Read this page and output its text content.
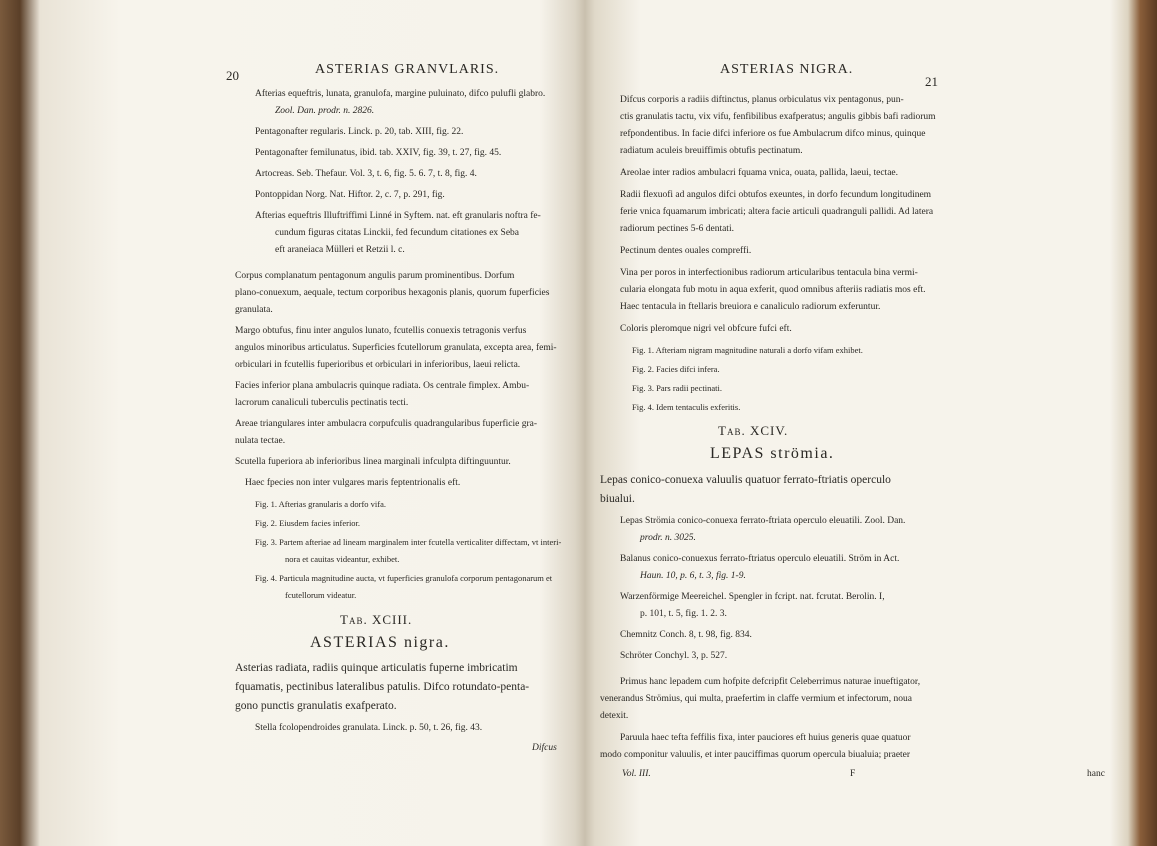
20	ASTERIAS GRANVLARIS.
Afterias equeftris, lunata, granulofa, margine puluinato, difco pulufli glabro.
Zool. Dan. prodr. n. 2826.
Pentagonafter regularis. Linck. p. 20, tab. XIII, fig. 22.
Pentagonafter femilunatus, ibid. tab. XXIV, fig. 39, t. 27, fig. 45.
Artocreas. Seb. Thefaur. Vol. 3, t. 6, fig. 5. 6. 7, t. 8, fig. 4.
Pontoppidan Norg. Nat. Hiftor. 2, c. 7, p. 291, fig.
Afterias equeftris Illuftriffimi Linné in Syftem. nat. eft granularis noftra fe-
cundum figuras citatas Linckii, fed fecundum citationes ex Seba
eft araneiaca Mülleri et Retzii l. c.
Corpus complanatum pentagonum angulis parum prominentibus. Dorfum
plano-conuexum, aequale, tectum corporibus hexagonis planis, quorum fuperficies
granulata.
Margo obtufus, finu inter angulos lunato, fcutellis conuexis tetragonis verfus
angulos minoribus articulatus. Superficies fcutellorum granulata, excepta area, femi-
orbiculari in fcutellis fuperioribus et orbiculari in inferioribus, laeui relicta.
Facies inferior plana ambulacris quinque radiata. Os centrale fimplex. Ambu-
lacrorum canaliculi tuberculis pectinatis tecti.
Areae triangulares inter ambulacra corpufculis quadrangularibus fuperficie gra-
nulata tectae.
Scutella fuperiora ab inferioribus linea marginali infculpta diftinguuntur.
Haec fpecies non inter vulgares maris feptentrionalis eft.
Fig. 1. Afterias granularis a dorfo vifa.
Fig. 2. Eiusdem facies inferior.
Fig. 3. Partem afteriae ad lineam marginalem inter fcutella verticaliter diffectam, vt interi-
nora et cauitas videantur, exhibet.
Fig. 4. Particula magnitudine aucta, vt fuperficies granulofa corporum pentagonarum et
fcutellorum videatur.
Tab. XCIII.
ASTERIAS nigra.
Asterias radiata, radiis quinque articulatis fuperne imbricatim
fquamatis, pectinibus lateralibus patulis. Difco rotundato-penta-
gono punctis granulatis exafperato.
Stella fcolopendroides granulata. Linck. p. 50, t. 26, fig. 43.
Difcus
ASTERIAS NIGRA.
21
Difcus corporis a radiis diftinctus, planus orbiculatus vix pentagonus, pun-
ctis granulatis tactu, vix vifu, fenfibilibus exafperatus; angulis gibbis bafi radiorum
refpondentibus. In facie difci inferiore os fue Ambulacrum difco minus, quinque
radiatum aculeis breuiffimis obtufis pectinatum.
Areolae inter radios ambulacri fquama vnica, ouata, pallida, laeui, tectae.
Radii flexuofi ad angulos difci obtufos exeuntes, in dorfo fecundum longitudinem
ferie vnica fquamarum imbricati; altera facie articuli quadranguli pallidi. Ad latera
radiorum pectines 5-6 dentati.
Pectinum dentes ouales compreffi.
Vina per poros in interfectionibus radiorum articularibus tentacula bina vermi-
cularia elongata fub motu in aqua exferit, quod omnibus afteriis radiatis mos eft.
Haec tentacula in ftellaris breuiora e canaliculo radiorum exferuntur.
Coloris pleromque nigri vel obfcure fufci eft.
Fig. 1. Afteriam nigram magnitudine naturali a dorfo vifam exhibet.
Fig. 2. Facies difci infera.
Fig. 3. Pars radii pectinati.
Fig. 4. Idem tentaculis exferitis.
Tab. XCIV.
LEPAS strömia.
Lepas conico-conuexa valuulis quatuor ferrato-ftriatis operculo
biualui.
Lepas Strömia conico-conuexa ferrato-ftriata operculo eleuatili. Zool. Dan.
prodr. n. 3025.
Balanus conico-conuexus ferrato-ftriatus operculo eleuatili. Ström in Act.
Haun. 10, p. 6, t. 3, fig. 1-9.
Warzenförmige Meereichel. Spengler in fcript. nat. fcrutat. Berolin. I,
p. 101, t. 5, fig. 1. 2. 3.
Chemnitz Conch. 8, t. 98, fig. 834.
Schröter Conchyl. 3, p. 527.
Primus hanc lepadem cum hofpite defcripfit Celeberrimus naturae inueftigator,
venerandus Strömius, qui multa, praefertim in claffe vermium et infectorum, noua
detexit.
Paruula haec tefta feffilis fixa, inter pauciores eft huius generis quae quatuor
modo componitur valuulis, et inter pauciffimas quorum opercula biualuia; praeter
Vol. III.	F	hanc
